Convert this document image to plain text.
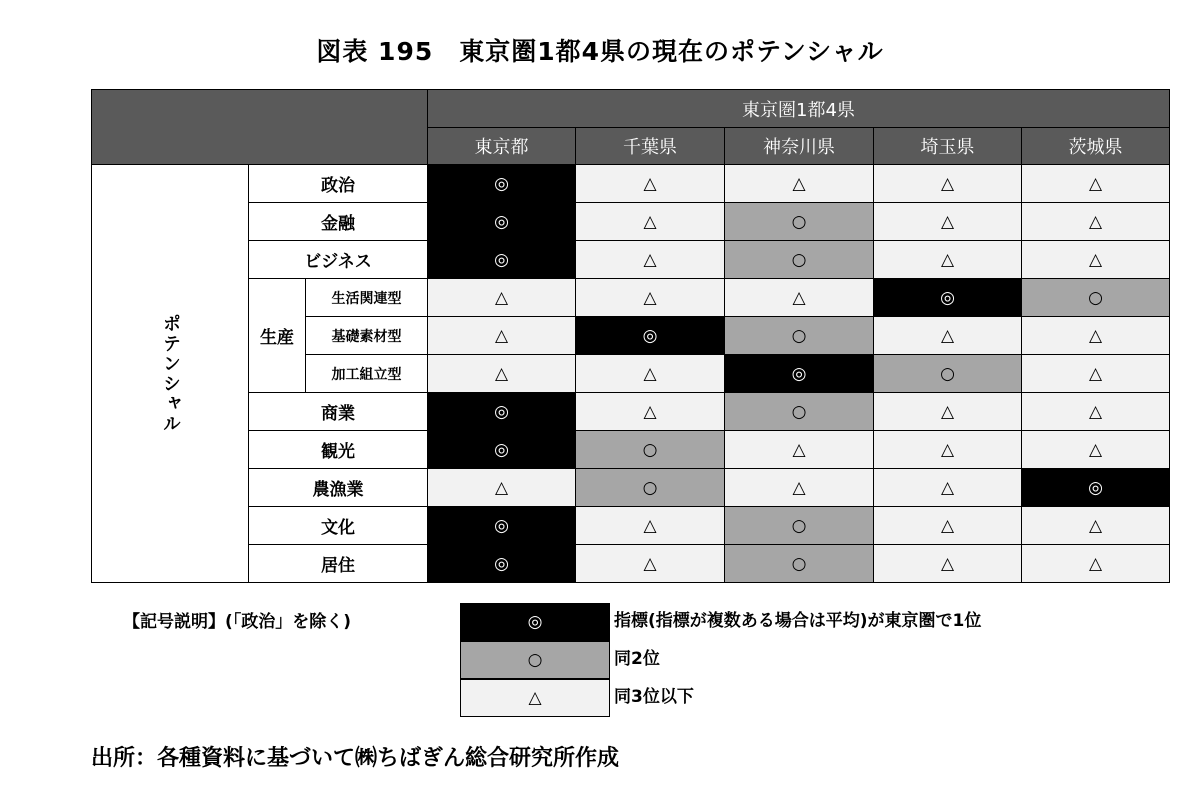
図表 195　東京圏1都4県の現在のポテンシャル
			東京圏1都4県				
			東京都	千葉県	神奈川県	埼玉県	茨城県

ポテンシャル	政治		◎	△	△	△	△
	金融		◎	△	○	△	△
	ビジネス		◎	△	○	△	△
	生産	生活関連型	△	△	△	◎	○
		基礎素材型	△	◎	○	△	△
		加工組立型	△	△	◎	○	△
	商業		◎	△	○	△	△
	観光		◎	○	△	△	△
	農漁業		△	○	△	△	◎
	文化		◎	△	○	△	△
	居住		◎	△	○	△	△
【記号説明】(「政治」を除く)	◎	指標(指標が複数ある場合は平均)が東京圏で1位
○	同2位
△	同3位以下
出所：各種資料に基づいて㈱ちばぎん総合研究所作成
